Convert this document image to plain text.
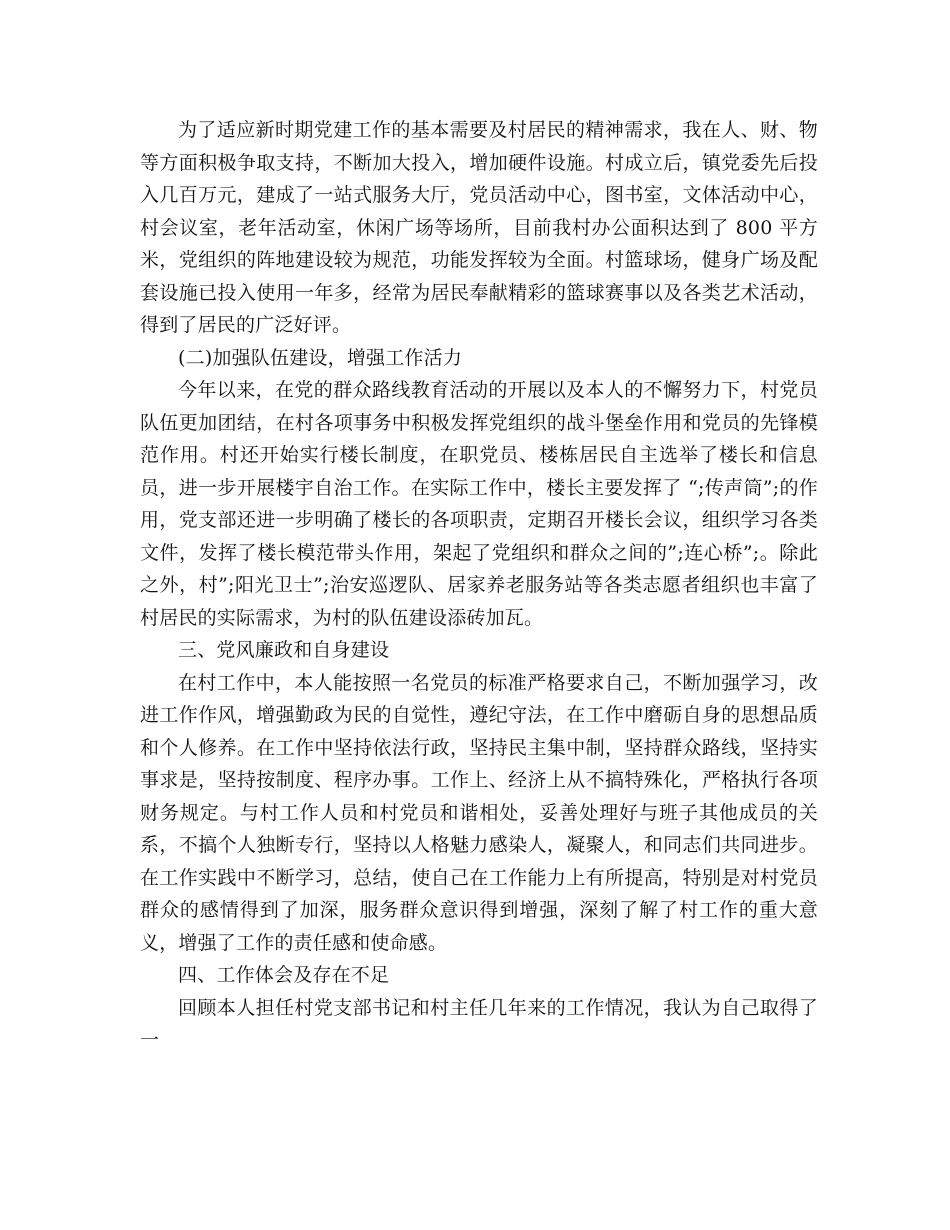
为了适应新时期党建工作的基本需要及村居民的精神需求，我在人、财、物等方面积极争取支持，不断加大投入，增加硬件设施。村成立后，镇党委先后投入几百万元，建成了一站式服务大厅，党员活动中心，图书室，文体活动中心，村会议室，老年活动室，休闲广场等场所，目前我村办公面积达到了 800 平方米，党组织的阵地建设较为规范，功能发挥较为全面。村篮球场，健身广场及配套设施已投入使用一年多，经常为居民奉献精彩的篮球赛事以及各类艺术活动，得到了居民的广泛好评。

(二)加强队伍建设，增强工作活力

今年以来，在党的群众路线教育活动的开展以及本人的不懈努力下，村党员队伍更加团结，在村各项事务中积极发挥党组织的战斗堡垒作用和党员的先锋模范作用。村还开始实行楼长制度，在职党员、楼栋居民自主选举了楼长和信息员，进一步开展楼宇自治工作。在实际工作中，楼长主要发挥了 “;传声筒”;的作用，党支部还进一步明确了楼长的各项职责，定期召开楼长会议，组织学习各类文件，发挥了楼长模范带头作用，架起了党组织和群众之间的”;连心桥”;。除此之外，村”;阳光卫士”;治安巡逻队、居家养老服务站等各类志愿者组织也丰富了村居民的实际需求，为村的队伍建设添砖加瓦。

三、党风廉政和自身建设

在村工作中，本人能按照一名党员的标准严格要求自己，不断加强学习，改进工作作风，增强勤政为民的自觉性，遵纪守法，在工作中磨砺自身的思想品质和个人修养。在工作中坚持依法行政，坚持民主集中制，坚持群众路线，坚持实事求是，坚持按制度、程序办事。工作上、经济上从不搞特殊化，严格执行各项财务规定。与村工作人员和村党员和谐相处，妥善处理好与班子其他成员的关系，不搞个人独断专行，坚持以人格魅力感染人，凝聚人，和同志们共同进步。在工作实践中不断学习，总结，使自己在工作能力上有所提高，特别是对村党员群众的感情得到了加深，服务群众意识得到增强，深刻了解了村工作的重大意义，增强了工作的责任感和使命感。

四、工作体会及存在不足

回顾本人担任村党支部书记和村主任几年来的工作情况，我认为自己取得了一
